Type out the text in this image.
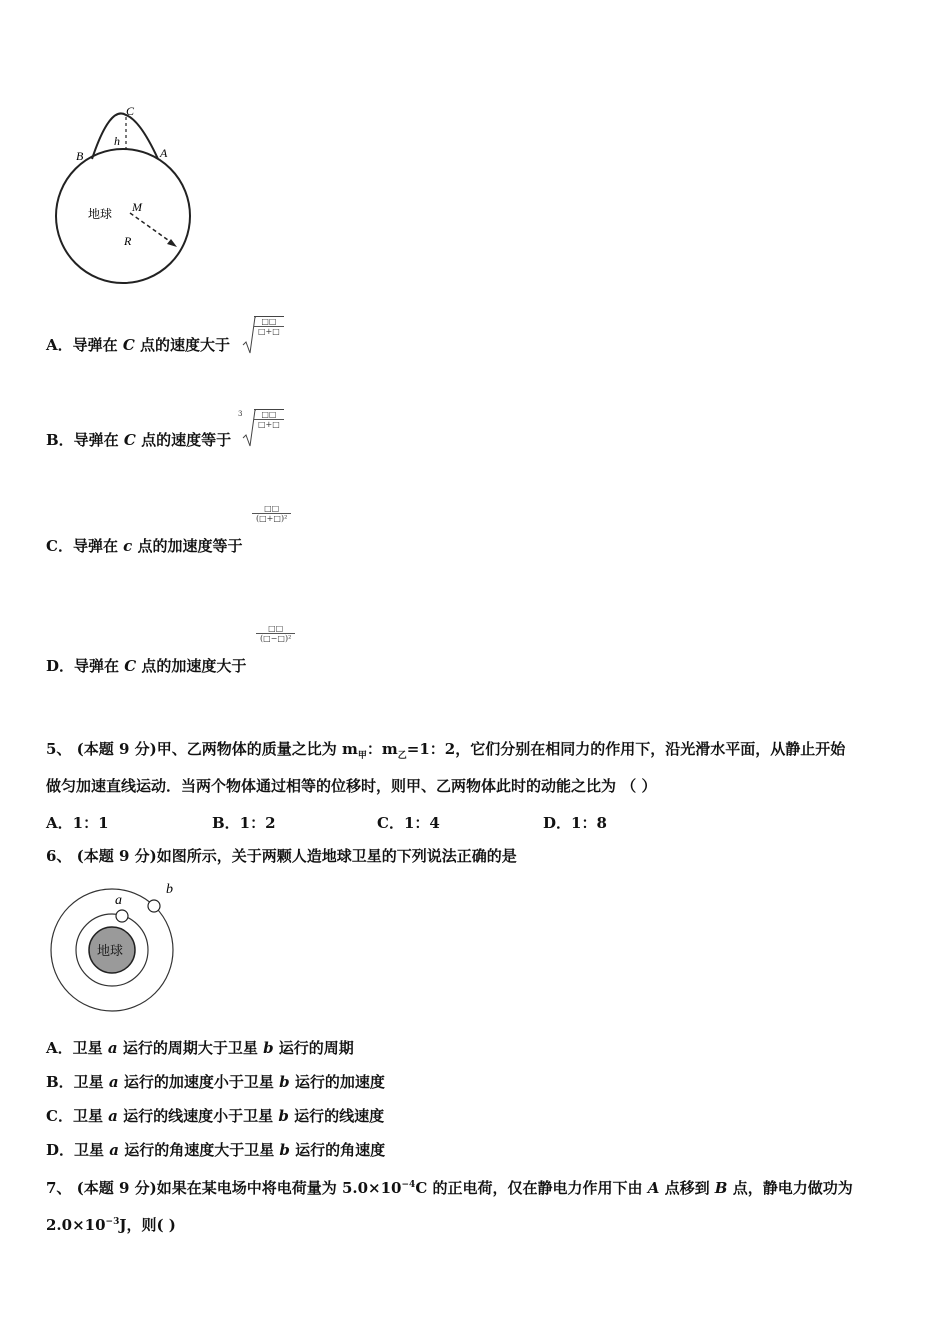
C
h
B	A
地球 M
R
A．导弹在 C 点的速度大于
□□
□+□
B．导弹在 C 点的速度等于
3	□□
□+□
C．导弹在 c 点的加速度等于
□□
(□+□)²
D．导弹在 C 点的加速度大于
□□
(□−□)²
5、 (本题 9 分)甲、乙两物体的质量之比为 $m_甲$：$m_乙=1$：2，它们分别在相同力的作用下，沿光滑水平面，从静止开始
做匀加速直线运动．当两个物体通过相等的位移时，则甲、乙两物体此时的动能之比为 （ ）
A．1：1	B．1：2	C．1：4	D．1：8
6、 (本题 9 分)如图所示，关于两颗人造地球卫星的下列说法正确的是
地球
a
b
A．卫星 a 运行的周期大于卫星 b 运行的周期
B．卫星 a 运行的加速度小于卫星 b 运行的加速度
C．卫星 a 运行的线速度小于卫星 b 运行的线速度
D．卫星 a 运行的角速度大于卫星 b 运行的角速度
7、 (本题 9 分)如果在某电场中将电荷量为 $5.0\times 10^{-4}C$ 的正电荷，仅在静电力作用下由 A 点移到 B 点，静电力做功为
$2.0\times 10^{-3}J$，则( )
